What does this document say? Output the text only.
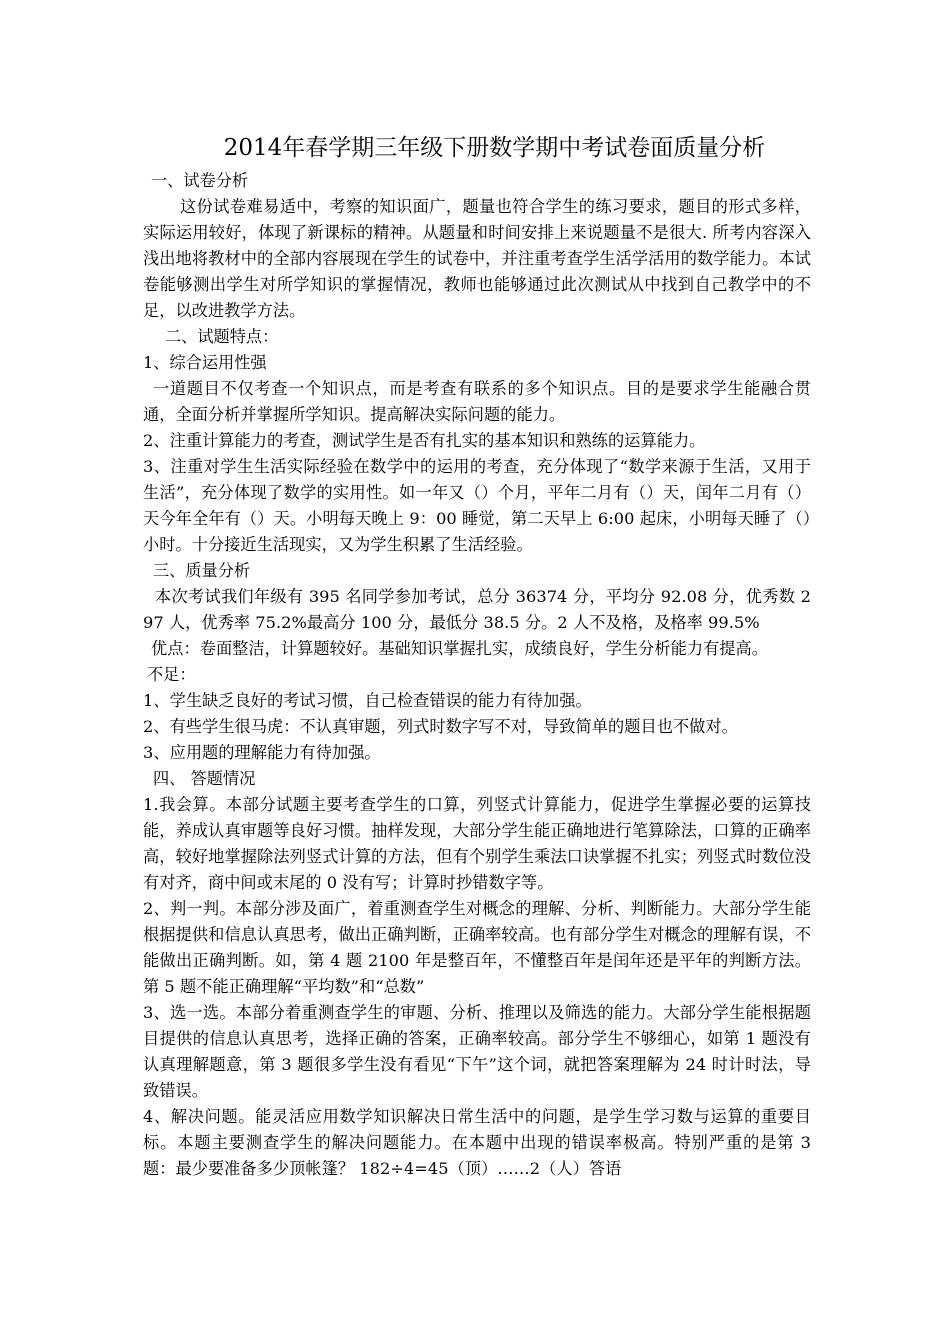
2014年春学期三年级下册数学期中考试卷面质量分析

一、试卷分析

这份试卷难易适中，考察的知识面广，题量也符合学生的练习要求，题目的形式多样，实际运用较好，体现了新课标的精神。从题量和时间安排上来说题量不是很大. 所考内容深入浅出地将教材中的全部内容展现在学生的试卷中，并注重考查学生活学活用的数学能力。本试卷能够测出学生对所学知识的掌握情况，教师也能够通过此次测试从中找到自己教学中的不足，以改进教学方法。

二、试题特点：

1、综合运用性强

一道题目不仅考查一个知识点，而是考查有联系的多个知识点。目的是要求学生能融合贯通，全面分析并掌握所学知识。提高解决实际问题的能力。

2、注重计算能力的考查，测试学生是否有扎实的基本知识和熟练的运算能力。

3、注重对学生生活实际经验在数学中的运用的考查，充分体现了“数学来源于生活，又用于生活”，充分体现了数学的实用性。如一年又（）个月，平年二月有（）天，闰年二月有（）天今年全年有（）天。小明每天晚上 9：00 睡觉，第二天早上 6:00 起床，小明每天睡了（）小时。十分接近生活现实，又为学生积累了生活经验。

三、质量分析

本次考试我们年级有 395 名同学参加考试，总分 36374 分，平均分 92.08 分，优秀数 297 人，优秀率 75.2%最高分 100 分，最低分 38.5 分。2 人不及格，及格率 99.5%

优点：卷面整洁，计算题较好。基础知识掌握扎实，成绩良好，学生分析能力有提高。

不足：

1、学生缺乏良好的考试习惯，自己检查错误的能力有待加强。

2、有些学生很马虎：不认真审题，列式时数字写不对，导致简单的题目也不做对。

3、应用题的理解能力有待加强。

四、 答题情况

1.我会算。本部分试题主要考查学生的口算，列竖式计算能力，促进学生掌握必要的运算技能，养成认真审题等良好习惯。抽样发现，大部分学生能正确地进行笔算除法，口算的正确率高，较好地掌握除法列竖式计算的方法，但有个别学生乘法口诀掌握不扎实；列竖式时数位没有对齐，商中间或末尾的 0 没有写；计算时抄错数字等。

2、判一判。本部分涉及面广，着重测查学生对概念的理解、分析、判断能力。大部分学生能根据提供和信息认真思考，做出正确判断，正确率较高。也有部分学生对概念的理解有误，不能做出正确判断。如，第 4 题 2100 年是整百年，不懂整百年是闰年还是平年的判断方法。第 5 题不能正确理解“平均数”和“总数”

3、选一选。本部分着重测查学生的审题、分析、推理以及筛选的能力。大部分学生能根据题目提供的信息认真思考，选择正确的答案，正确率较高。部分学生不够细心，如第 1 题没有认真理解题意，第 3 题很多学生没有看见“下午”这个词，就把答案理解为 24 时计时法，导致错误。

4、解决问题。能灵活应用数学知识解决日常生活中的问题，是学生学习数与运算的重要目标。本题主要测查学生的解决问题能力。在本题中出现的错误率极高。特别严重的是第 3 题：最少要准备多少顶帐篷？ 182÷4=45（顶）……2（人）答语
